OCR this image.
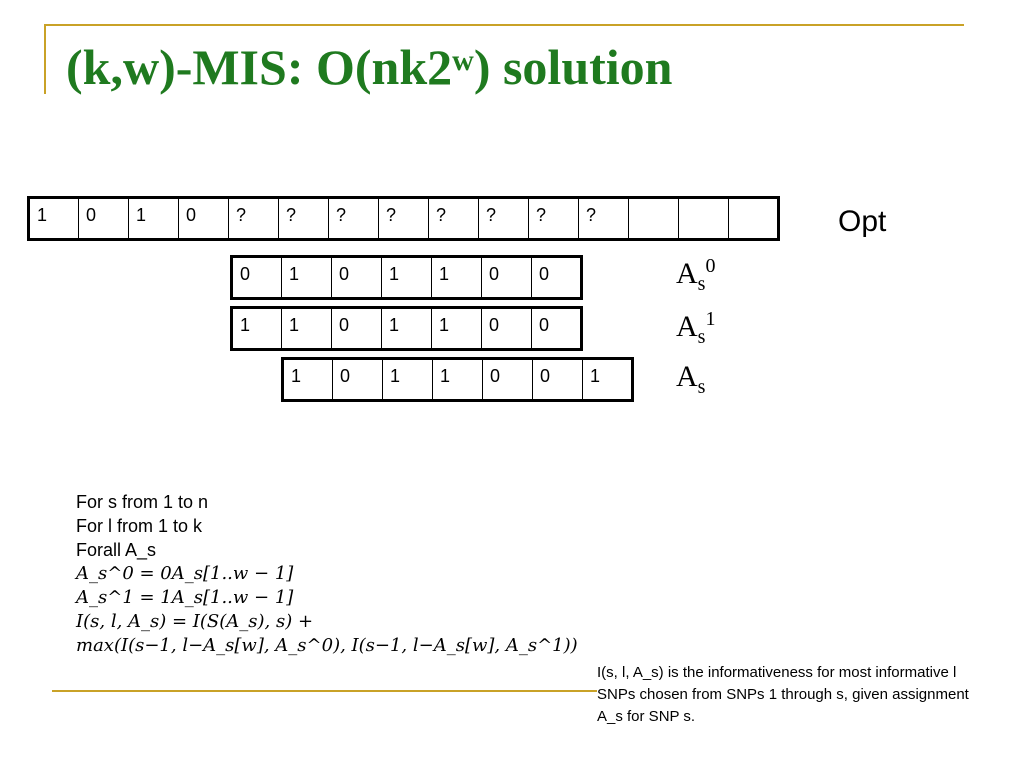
(k,w)-MIS: O(nk2$^w$) solution
1	0	1	0	?	?	?	?	?	?	?	?				Opt
0	1	0	1	1	0	0	$A_s^0$
1	1	0	1	1	0	0	$A_s^1$
1	0	1	1	0	0	1	$A_s$
For s from 1 to n
For l from 1 to k
Forall A_s
A_s^0 = 0A_s[1..w − 1]
A_s^1 = 1A_s[1..w − 1]
I(s, l, A_s) = I(S(A_s), s) +
max(I(s−1, l−A_s[w], A_s^0), I(s−1, l−A_s[w], A_s^1))
I(s, l, A_s) is the informativeness for most informative l SNPs chosen from SNPs 1 through s, given assignment A_s for SNP s.
